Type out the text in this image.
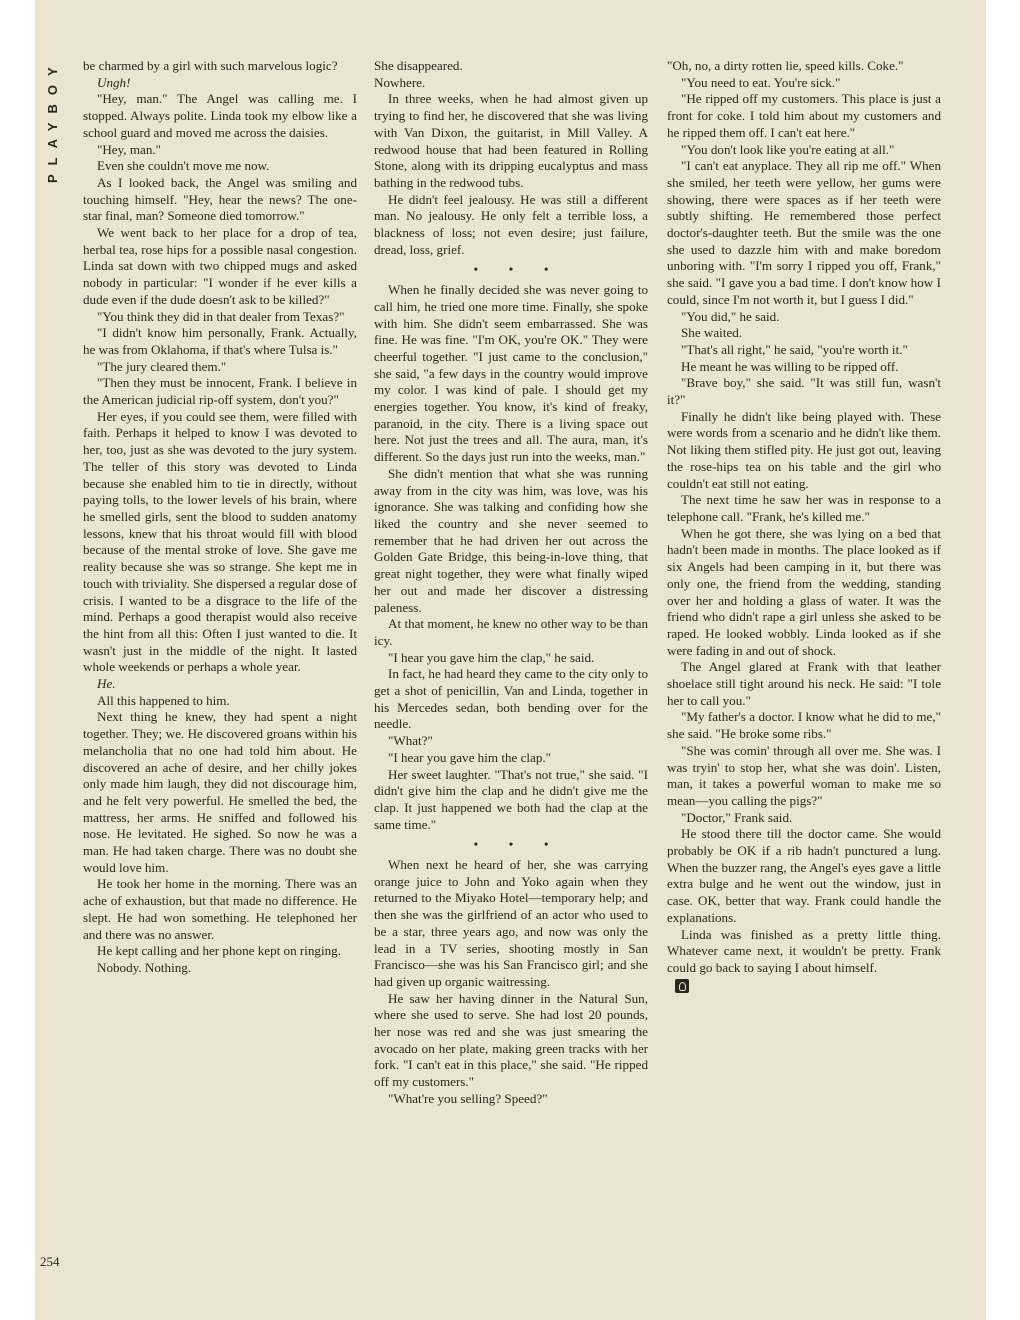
PLAYBOY
254

be charmed by a girl with such marvelous logic?

Ungh!

"Hey, man." The Angel was calling me. I stopped. Always polite. Linda took my elbow like a school guard and moved me across the daisies.

"Hey, man."

Even she couldn't move me now.

As I looked back, the Angel was smiling and touching himself. "Hey, hear the news? The one-star final, man? Someone died tomorrow."

We went back to her place for a drop of tea, herbal tea, rose hips for a possible nasal congestion. Linda sat down with two chipped mugs and asked nobody in particular: "I wonder if he ever kills a dude even if the dude doesn't ask to be killed?"

"You think they did in that dealer from Texas?"

"I didn't know him personally, Frank. Actually, he was from Oklahoma, if that's where Tulsa is."

"The jury cleared them."

"Then they must be innocent, Frank. I believe in the American judicial rip-off system, don't you?"

Her eyes, if you could see them, were filled with faith. Perhaps it helped to know I was devoted to her, too, just as she was devoted to the jury system. The teller of this story was devoted to Linda because she enabled him to tie in directly, without paying tolls, to the lower levels of his brain, where he smelled girls, sent the blood to sudden anatomy lessons, knew that his throat would fill with blood because of the mental stroke of love. She gave me reality because she was so strange. She kept me in touch with triviality. She dispersed a regular dose of crisis. I wanted to be a disgrace to the life of the mind. Perhaps a good therapist would also receive the hint from all this: Often I just wanted to die. It wasn't just in the middle of the night. It lasted whole weekends or perhaps a whole year.

He.

All this happened to him.

Next thing he knew, they had spent a night together. They; we. He discovered groans within his melancholia that no one had told him about. He discovered an ache of desire, and her chilly jokes only made him laugh, they did not discourage him, and he felt very powerful. He smelled the bed, the mattress, her arms. He sniffed and followed his nose. He levitated. He sighed. So now he was a man. He had taken charge. There was no doubt she would love him.

He took her home in the morning. There was an ache of exhaustion, but that made no difference. He slept. He had won something. He telephoned her and there was no answer.

He kept calling and her phone kept on ringing.

Nobody. Nothing.

She disappeared.

Nowhere.

In three weeks, when he had almost given up trying to find her, he discovered that she was living with Van Dixon, the guitarist, in Mill Valley. A redwood house that had been featured in Rolling Stone, along with its dripping eucalyptus and mass bathing in the redwood tubs.

He didn't feel jealousy. He was still a different man. No jealousy. He only felt a terrible loss, a blackness of loss; not even desire; just failure, dread, loss, grief.

• • •

When he finally decided she was never going to call him, he tried one more time. Finally, she spoke with him. She didn't seem embarrassed. She was fine. He was fine. "I'm OK, you're OK." They were cheerful together. "I just came to the conclusion," she said, "a few days in the country would improve my color. I was kind of pale. I should get my energies together. You know, it's kind of freaky, paranoid, in the city. There is a living space out here. Not just the trees and all. The aura, man, it's different. So the days just run into the weeks, man."

She didn't mention that what she was running away from in the city was him, was love, was his ignorance. She was talking and confiding how she liked the country and she never seemed to remember that he had driven her out across the Golden Gate Bridge, this being-in-love thing, that great night together, they were what finally wiped her out and made her discover a distressing paleness.

At that moment, he knew no other way to be than icy.

"I hear you gave him the clap," he said.

In fact, he had heard they came to the city only to get a shot of penicillin, Van and Linda, together in his Mercedes sedan, both bending over for the needle.

"What?"

"I hear you gave him the clap."

Her sweet laughter. "That's not true," she said. "I didn't give him the clap and he didn't give me the clap. It just happened we both had the clap at the same time."

• • •

When next he heard of her, she was carrying orange juice to John and Yoko again when they returned to the Miyako Hotel—temporary help; and then she was the girlfriend of an actor who used to be a star, three years ago, and now was only the lead in a TV series, shooting mostly in San Francisco—she was his San Francisco girl; and she had given up organic waitressing.

He saw her having dinner in the Natural Sun, where she used to serve. She had lost 20 pounds, her nose was red and she was just smearing the avocado on her plate, making green tracks with her fork. "I can't eat in this place," she said. "He ripped off my customers."

"What're you selling? Speed?"

"Oh, no, a dirty rotten lie, speed kills. Coke."

"You need to eat. You're sick."

"He ripped off my customers. This place is just a front for coke. I told him about my customers and he ripped them off. I can't eat here."

"You don't look like you're eating at all."

"I can't eat anyplace. They all rip me off." When she smiled, her teeth were yellow, her gums were showing, there were spaces as if her teeth were subtly shifting. He remembered those perfect doctor's-daughter teeth. But the smile was the one she used to dazzle him with and make boredom unboring with. "I'm sorry I ripped you off, Frank," she said. "I gave you a bad time. I don't know how I could, since I'm not worth it, but I guess I did."

"You did," he said.

She waited.

"That's all right," he said, "you're worth it."

He meant he was willing to be ripped off.

"Brave boy," she said. "It was still fun, wasn't it?"

Finally he didn't like being played with. These were words from a scenario and he didn't like them. Not liking them stifled pity. He just got out, leaving the rose-hips tea on his table and the girl who couldn't eat still not eating.

The next time he saw her was in response to a telephone call. "Frank, he's killed me."

When he got there, she was lying on a bed that hadn't been made in months. The place looked as if six Angels had been camping in it, but there was only one, the friend from the wedding, standing over her and holding a glass of water. It was the friend who didn't rape a girl unless she asked to be raped. He looked wobbly. Linda looked as if she were fading in and out of shock.

The Angel glared at Frank with that leather shoelace still tight around his neck. He said: "I tole her to call you."

"My father's a doctor. I know what he did to me," she said. "He broke some ribs."

"She was comin' through all over me. She was. I was tryin' to stop her, what she was doin'. Listen, man, it takes a powerful woman to make me so mean—you calling the pigs?"

"Doctor," Frank said.

He stood there till the doctor came. She would probably be OK if a rib hadn't punctured a lung. When the buzzer rang, the Angel's eyes gave a little extra bulge and he went out the window, just in case. OK, better that way. Frank could handle the explanations.

Linda was finished as a pretty little thing. Whatever came next, it wouldn't be pretty. Frank could go back to saying I about himself.
